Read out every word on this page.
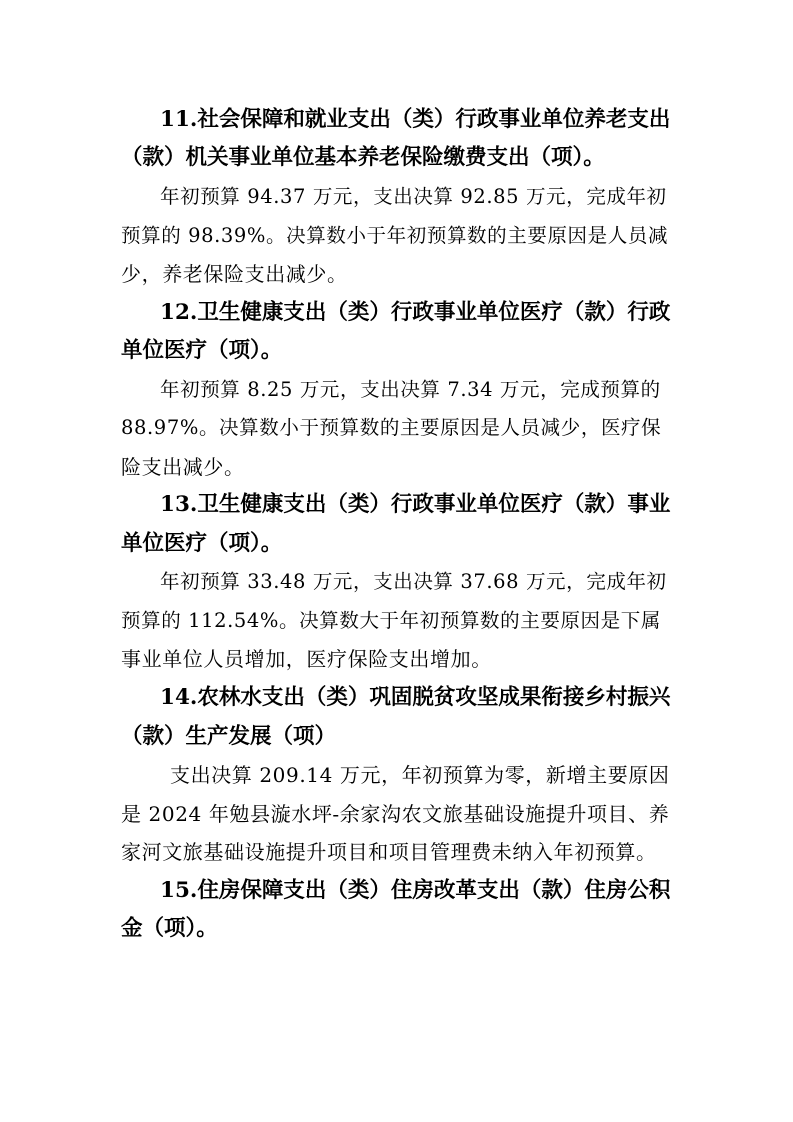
11.社会保障和就业支出（类）行政事业单位养老支出
（款）机关事业单位基本养老保险缴费支出（项）。
年初预算 94.37 万元，支出决算 92.85 万元，完成年初
预算的 98.39%。决算数小于年初预算数的主要原因是人员减
少，养老保险支出减少。
12.卫生健康支出（类）行政事业单位医疗（款）行政
单位医疗（项）。
年初预算 8.25 万元，支出决算 7.34 万元，完成预算的
88.97%。决算数小于预算数的主要原因是人员减少，医疗保
险支出减少。
13.卫生健康支出（类）行政事业单位医疗（款）事业
单位医疗（项）。
年初预算 33.48 万元，支出决算 37.68 万元，完成年初
预算的 112.54%。决算数大于年初预算数的主要原因是下属
事业单位人员增加，医疗保险支出增加。
14.农林水支出（类）巩固脱贫攻坚成果衔接乡村振兴
（款）生产发展（项）
支出决算 209.14 万元，年初预算为零，新增主要原因
是 2024 年勉县漩水坪-余家沟农文旅基础设施提升项目、养
家河文旅基础设施提升项目和项目管理费未纳入年初预算。
15.住房保障支出（类）住房改革支出（款）住房公积
金（项）。
